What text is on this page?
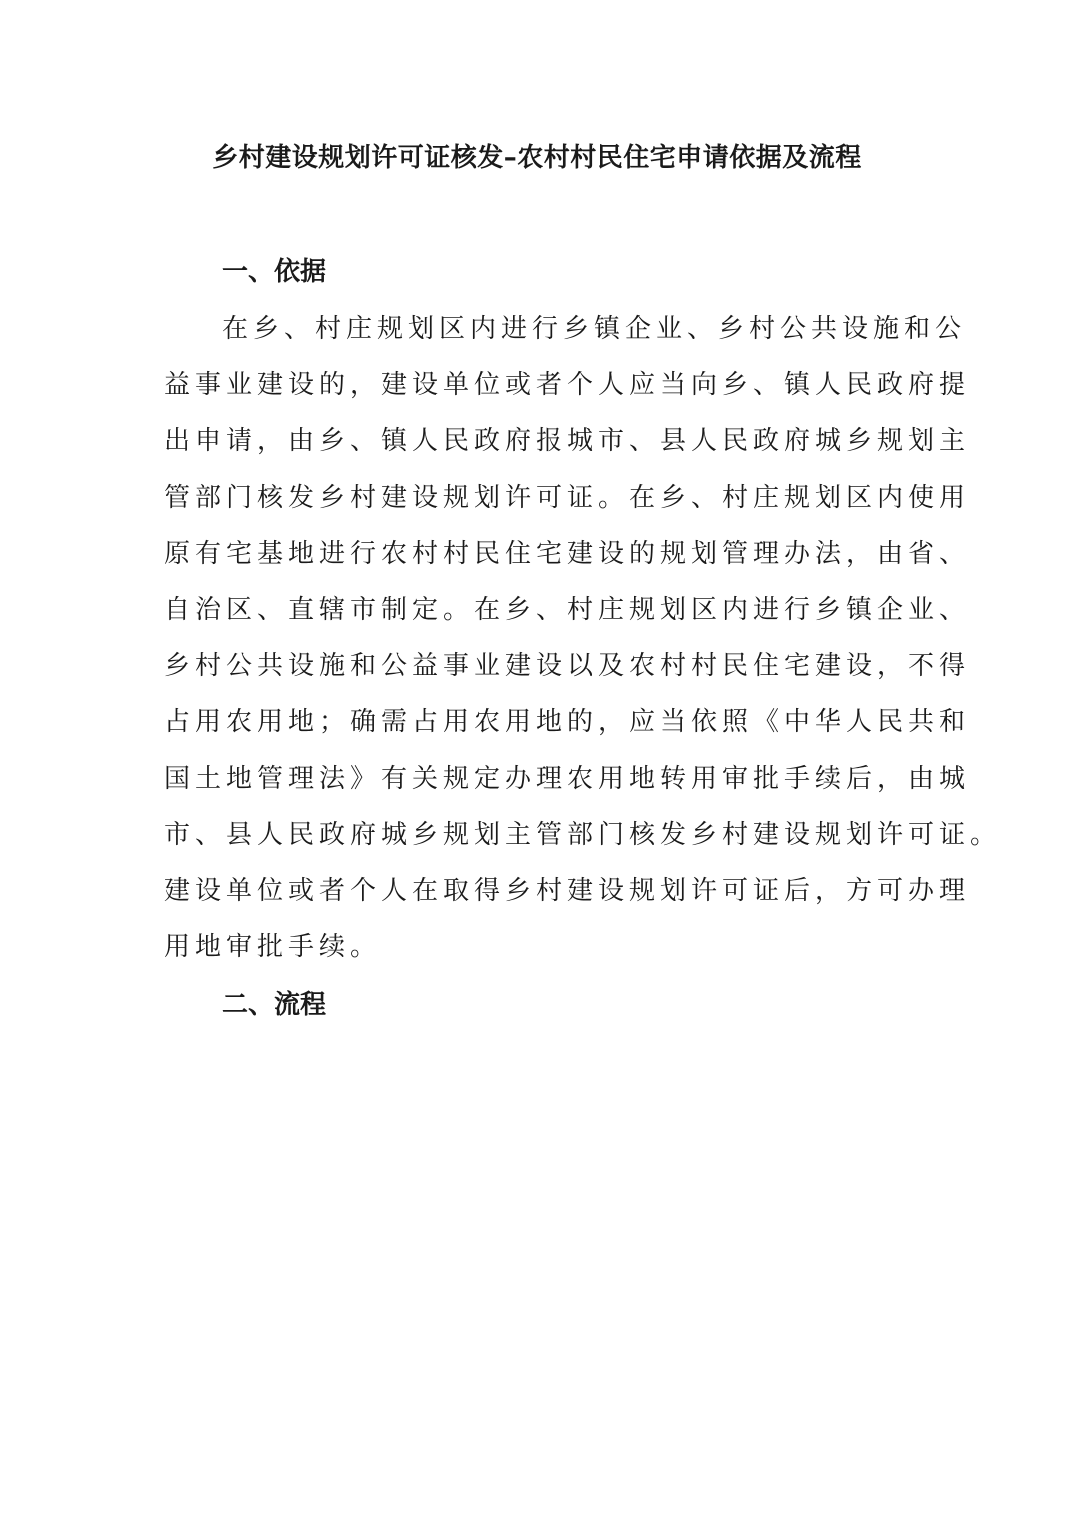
乡村建设规划许可证核发–农村村民住宅申请依据及流程
一、依据
在乡、村庄规划区内进行乡镇企业、乡村公共设施和公
益事业建设的，建设单位或者个人应当向乡、镇人民政府提
出申请，由乡、镇人民政府报城市、县人民政府城乡规划主
管部门核发乡村建设规划许可证。在乡、村庄规划区内使用
原有宅基地进行农村村民住宅建设的规划管理办法，由省、
自治区、直辖市制定。在乡、村庄规划区内进行乡镇企业、
乡村公共设施和公益事业建设以及农村村民住宅建设，不得
占用农用地；确需占用农用地的，应当依照《中华人民共和
国土地管理法》有关规定办理农用地转用审批手续后，由城
市、县人民政府城乡规划主管部门核发乡村建设规划许可证。
建设单位或者个人在取得乡村建设规划许可证后，方可办理
用地审批手续。
二、流程
